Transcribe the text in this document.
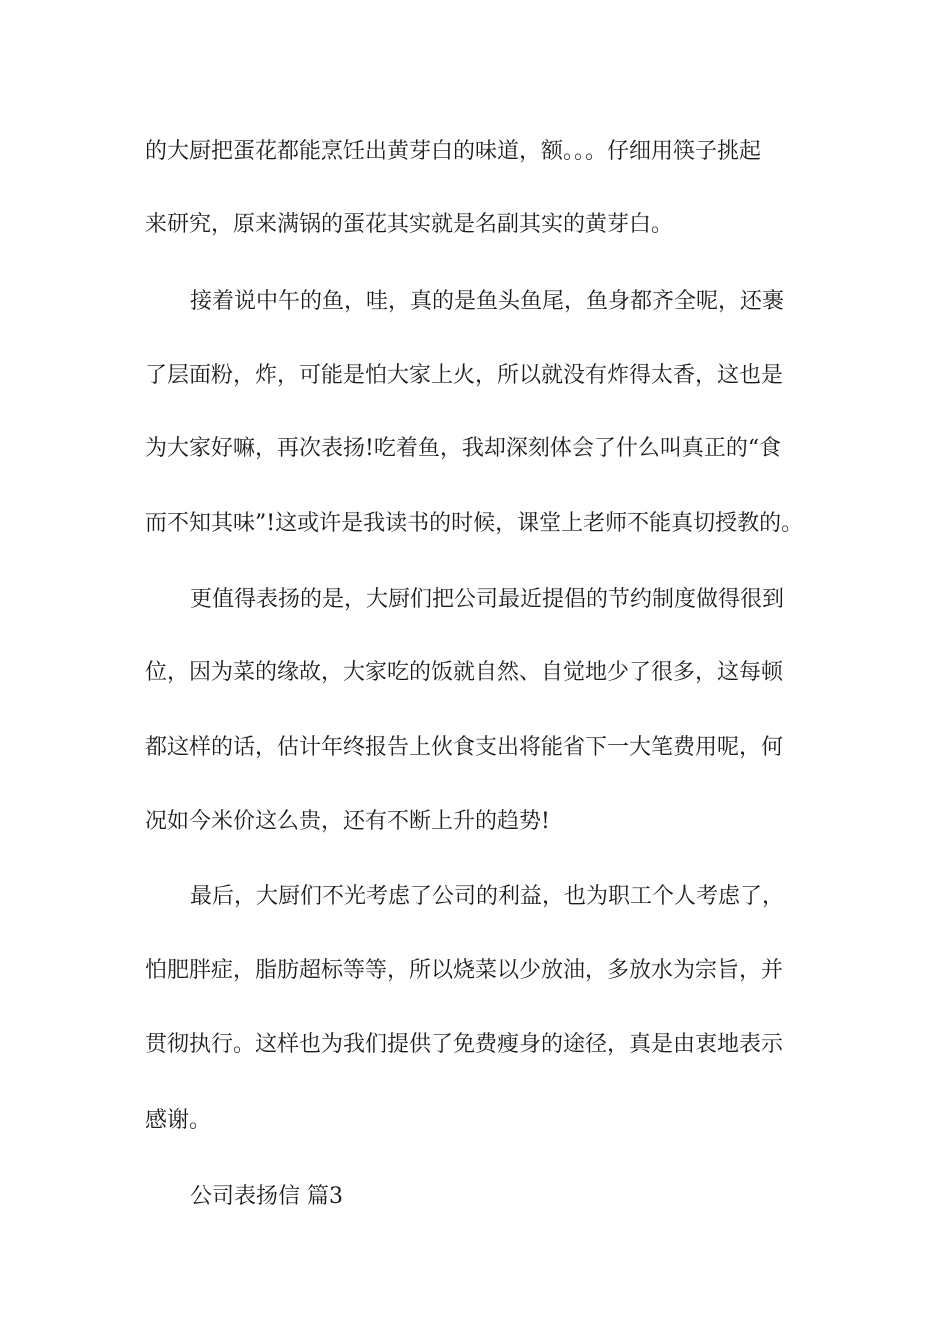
的大厨把蛋花都能烹饪出黄芽白的味道，额。。。仔细用筷子挑起
来研究，原来满锅的蛋花其实就是名副其实的黄芽白。
接着说中午的鱼，哇，真的是鱼头鱼尾，鱼身都齐全呢，还裹
了层面粉，炸，可能是怕大家上火，所以就没有炸得太香，这也是
为大家好嘛，再次表扬!吃着鱼，我却深刻体会了什么叫真正的“食
而不知其味”!这或许是我读书的时候，课堂上老师不能真切授教的。
更值得表扬的是，大厨们把公司最近提倡的节约制度做得很到
位，因为菜的缘故，大家吃的饭就自然、自觉地少了很多，这每顿
都这样的话，估计年终报告上伙食支出将能省下一大笔费用呢，何
况如今米价这么贵，还有不断上升的趋势!
最后，大厨们不光考虑了公司的利益，也为职工个人考虑了，
怕肥胖症，脂肪超标等等，所以烧菜以少放油，多放水为宗旨，并
贯彻执行。这样也为我们提供了免费瘦身的途径，真是由衷地表示
感谢。
公司表扬信 篇3
